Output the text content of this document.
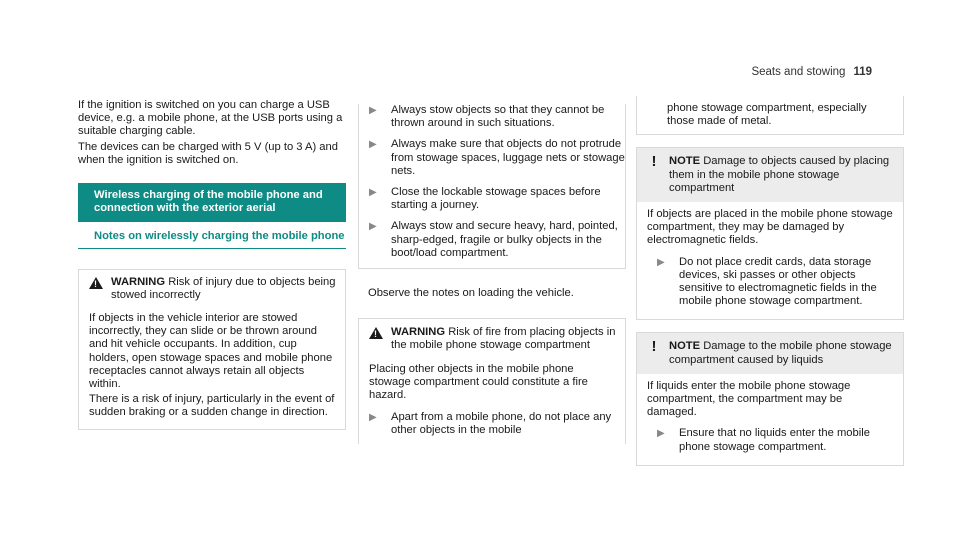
Seats and stowing 119

If the ignition is switched on you can charge a USB device, e.g. a mobile phone, at the USB ports using a suitable charging cable.

The devices can be charged with 5 V (up to 3 A) and when the ignition is switched on.

Wireless charging of the mobile phone and connection with the exterior aerial
Notes on wirelessly charging the mobile phone
!
WARNING Risk of injury due to objects being stowed incorrectly

If objects in the vehicle interior are stowed incorrectly, they can slide or be thrown around and hit vehicle occupants. In addition, cup holders, open stowage spaces and mobile phone receptacles cannot always retain all objects within.

There is a risk of injury, particularly in the event of sudden braking or a sudden change in direction.

▶	Always stow objects so that they cannot be thrown around in such situations.
▶	Always make sure that objects do not protrude from stowage spaces, luggage nets or stowage nets.
▶	Close the lockable stowage spaces before starting a journey.
▶	Always stow and secure heavy, hard, pointed, sharp-edged, fragile or bulky objects in the boot/load compartment.

Observe the notes on loading the vehicle.

!
WARNING Risk of fire from placing objects in the mobile phone stowage compartment

Placing other objects in the mobile phone stowage compartment could constitute a fire hazard.

▶	Apart from a mobile phone, do not place any other objects in the mobile
phone stowage compartment, especially those made of metal.
!	NOTE Damage to objects caused by placing them in the mobile phone stowage compartment

If objects are placed in the mobile phone stowage compartment, they may be damaged by electromagnetic fields.

▶	Do not place credit cards, data storage devices, ski passes or other objects sensitive to electromagnetic fields in the mobile phone stowage compartment.
!	NOTE Damage to the mobile phone stowage compartment caused by liquids

If liquids enter the mobile phone stowage compartment, the compartment may be damaged.

▶	Ensure that no liquids enter the mobile phone stowage compartment.
